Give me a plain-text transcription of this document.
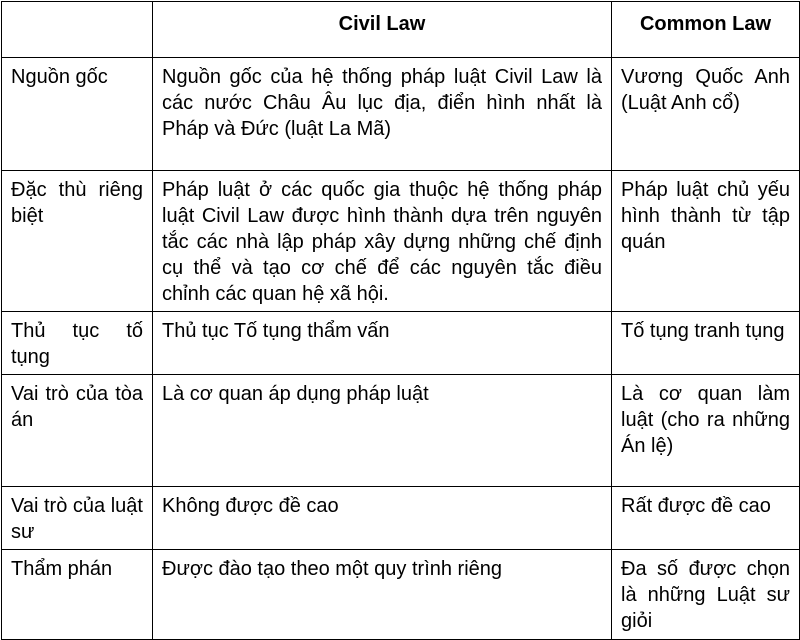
	Civil Law	Common Law
Nguồn gốc	Nguồn gốc của hệ thống pháp luật Civil Law là các nước Châu Âu lục địa, điển hình nhất là Pháp và Đức (luật La Mã)	Vương Quốc Anh (Luật Anh cổ)
Đặc thù riêng biệt	Pháp luật ở các quốc gia thuộc hệ thống pháp luật Civil Law được hình thành dựa trên nguyên tắc các nhà lập pháp xây dựng những chế định cụ thể và tạo cơ chế để các nguyên tắc điều chỉnh các quan hệ xã hội.	Pháp luật chủ yếu hình thành từ tập quán
Thủ tục tố tụng	Thủ tục Tố tụng thẩm vấn	Tố tụng tranh tụng
Vai trò của tòa án	Là cơ quan áp dụng pháp luật	Là cơ quan làm luật (cho ra những Án lệ)
Vai trò của luật sư	Không được đề cao	Rất được đề cao
Thẩm phán	Được đào tạo theo một quy trình riêng	Đa số được chọn là những Luật sư giỏi
